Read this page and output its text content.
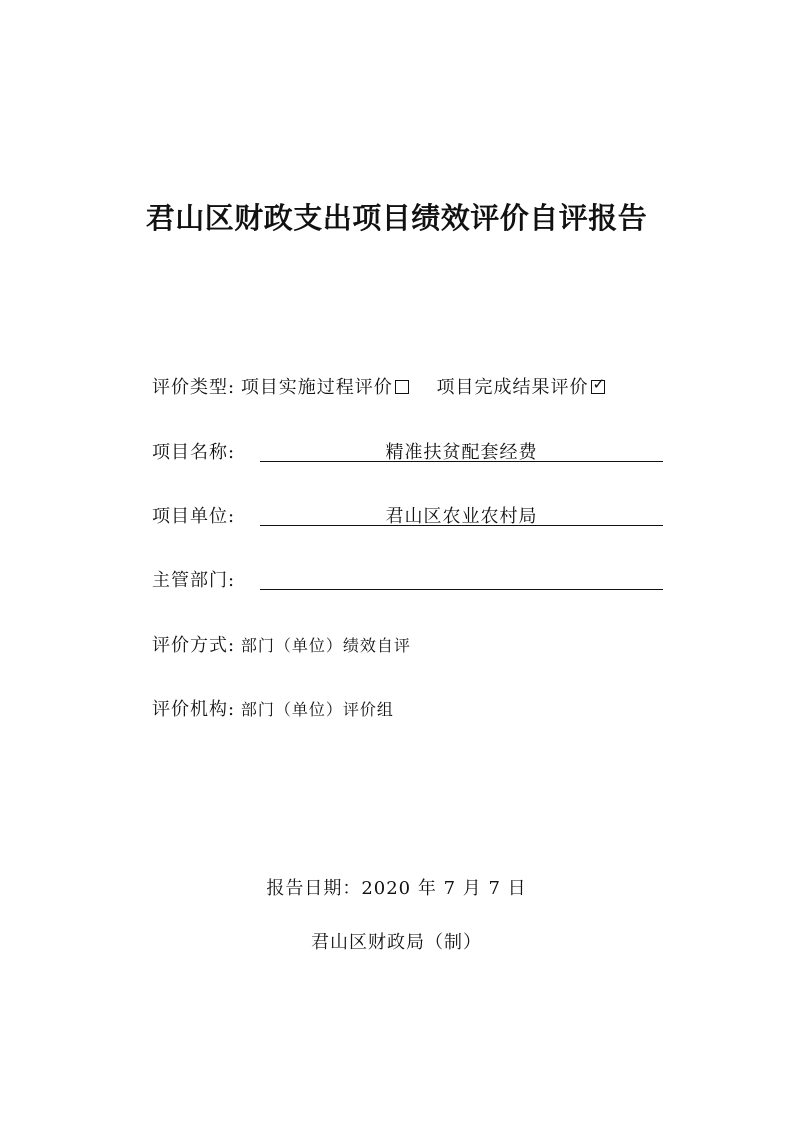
君山区财政支出项目绩效评价自评报告
评价类型: 项目实施过程评价 项目完成结果评价 ✓
项目名称:	精准扶贫配套经费
项目单位:	君山区农业农村局
主管部门:
评价方式: 部门（单位）绩效自评
评价机构: 部门（单位）评价组
报告日期：2020 年 7 月 7 日
君山区财政局（制）
